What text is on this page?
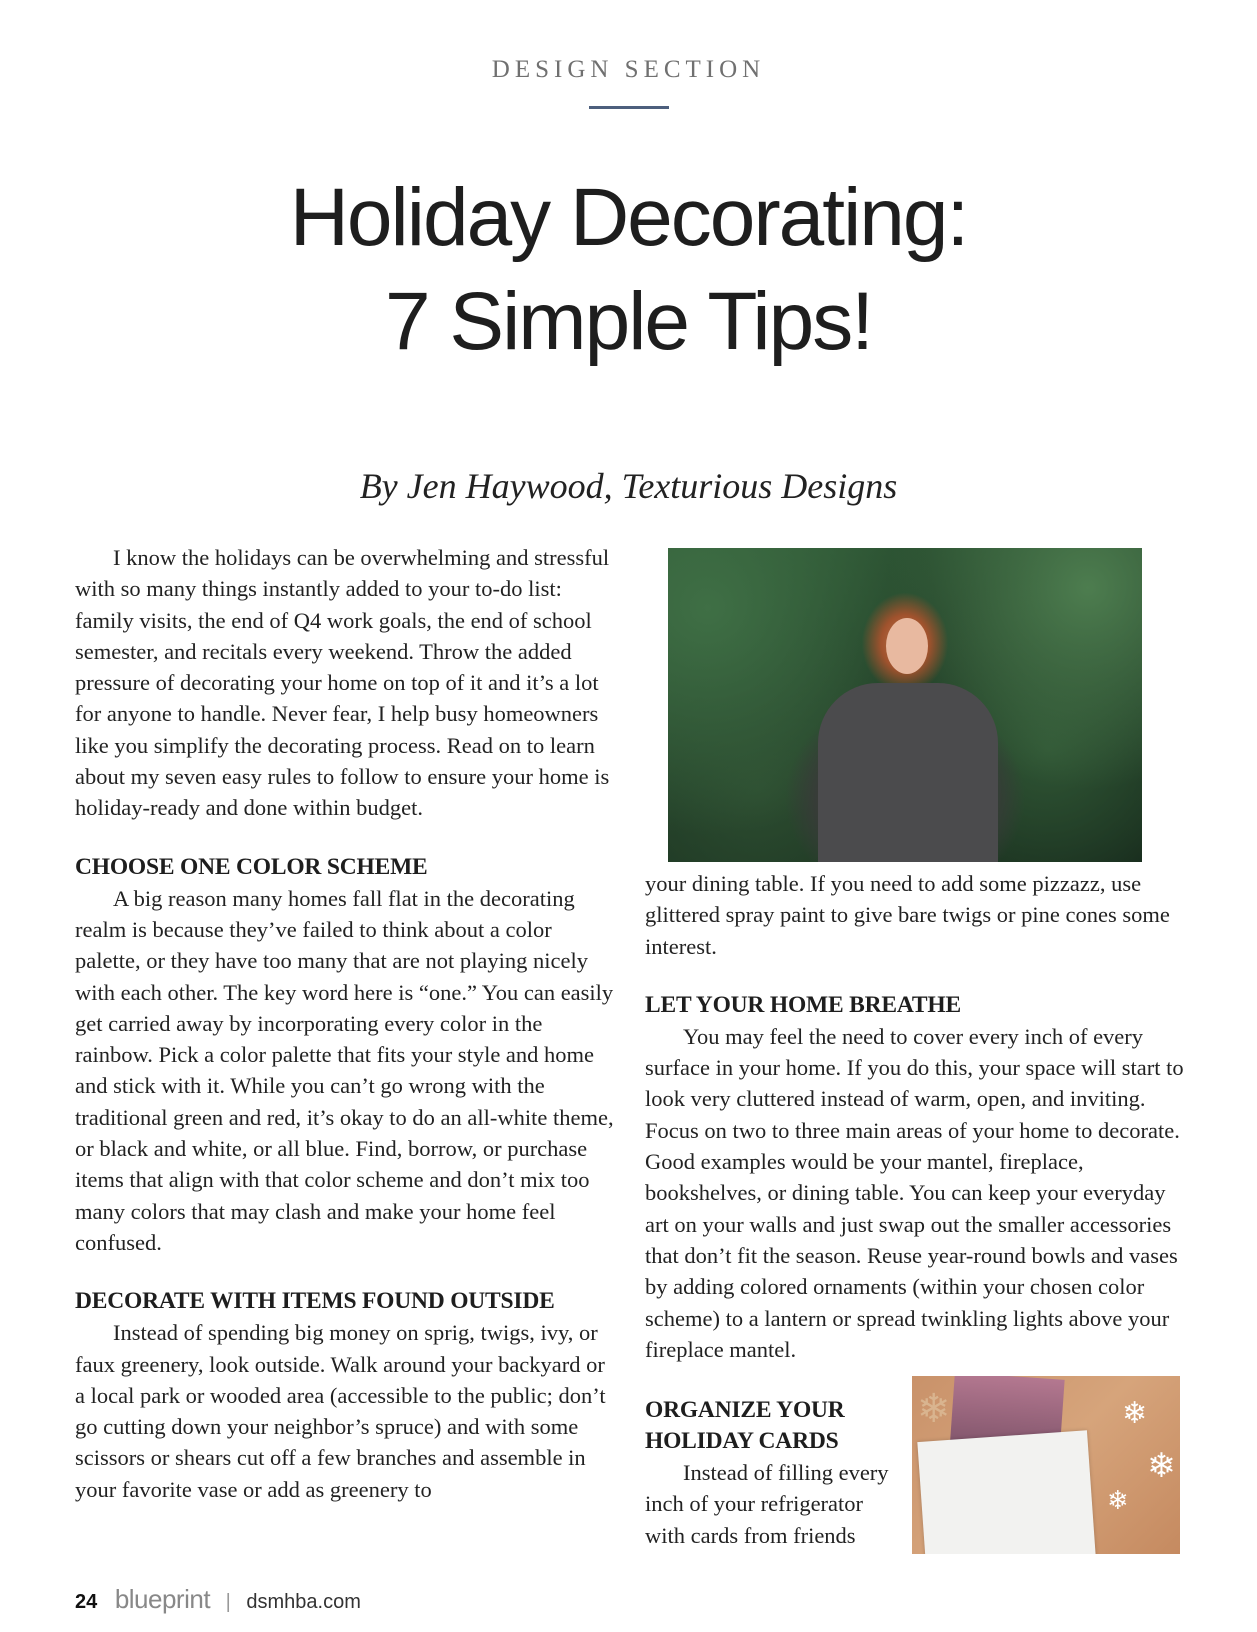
DESIGN SECTION
Holiday Decorating:
7 Simple Tips!
By Jen Haywood, Texturious Designs

I know the holidays can be overwhelming and stressful with so many things instantly added to your to-do list: family visits, the end of Q4 work goals, the end of school semester, and recitals every weekend. Throw the added pressure of decorating your home on top of it and it’s a lot for anyone to handle. Never fear, I help busy homeowners like you simplify the decorating process. Read on to learn about my seven easy rules to follow to ensure your home is holiday-ready and done within budget.

CHOOSE ONE COLOR SCHEME

A big reason many homes fall flat in the decorating realm is because they’ve failed to think about a color palette, or they have too many that are not playing nicely with each other. The key word here is “one.” You can easily get carried away by incorporating every color in the rainbow. Pick a color palette that fits your style and home and stick with it. While you can’t go wrong with the traditional green and red, it’s okay to do an all-white theme, or black and white, or all blue. Find, borrow, or purchase items that align with that color scheme and don’t mix too many colors that may clash and make your home feel confused.

DECORATE WITH ITEMS FOUND OUTSIDE

Instead of spending big money on sprig, twigs, ivy, or faux greenery, look outside. Walk around your backyard or a local park or wooded area (accessible to the public; don’t go cutting down your neighbor’s spruce) and with some scissors or shears cut off a few branches and assemble in your favorite vase or add as greenery to

your dining table. If you need to add some pizzazz, use glittered spray paint to give bare twigs or pine cones some interest.

LET YOUR HOME BREATHE

You may feel the need to cover every inch of every surface in your home. If you do this, your space will start to look very cluttered instead of warm, open, and inviting. Focus on two to three main areas of your home to decorate. Good examples would be your mantel, fireplace, bookshelves, or dining table. You can keep your everyday art on your walls and just swap out the smaller accessories that don’t fit the season. Reuse year-round bowls and vases by adding colored ornaments (within your chosen color scheme) to a lantern or spread twinkling lights above your fireplace mantel.

ORGANIZE YOUR
HOLIDAY CARDS

Instead of filling every inch of your refrigerator with cards from friends

❄
❄
❄
❄
24 blueprint | dsmhba.com
